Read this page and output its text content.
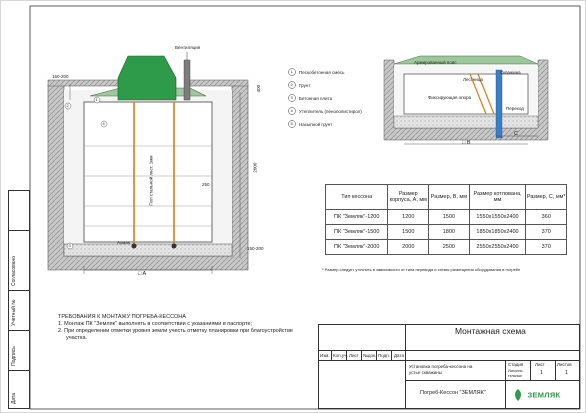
Вентиляция
150-200
400
2000
250
150-200
□ A
Пол стальной лест. 1мм
Ахмак
1
4
2
3
1 Пескобетонная смесь
2 Грунт
3 Бетонная плита
4 Утеплитель (пенополистирол)
5 Насыпной грунт
Армированный пояс
Лестница
Скважина
Фиксирующая опора
Переход
C
□ B
Тип кессона	Размер корпуса, A, мм	Размер, B, мм	Размер котлована, мм	Размер, C, мм*
ПК "Земляк"-1200	1200	1500	1550х1550х2400	360
ПК "Земляк"-1500	1500	1800	1850х1850х2400	370
ПК "Земляк"-2000	2000	2500	2550х2550х2400	370
* Размер следует уточнить в зависимости от типа перевода и схемы размещения оборудования в погребе
ТРЕБОВАНИЯ К МОНТАЖУ ПОГРЕБА-КЕССОНА
1. Монтаж ПК "Земляк" выполнять в соответствии с указаниями в паспорте;
2. При определении отметки уровня земли учесть отметку планировки при благоустройстве
участка.
Согласовано
Учетный №
Подпись
Дата
Монтажная схема
Изм. Кол.уч. Лист №док. Подп. Дата
Установка погреба-кессона на
устье скважины
Стадия	Лист	Листов
Исполни-
тельные	1	1
Погреб-Кессон "ЗЕМЛЯК"	ЗЕМЛЯК
